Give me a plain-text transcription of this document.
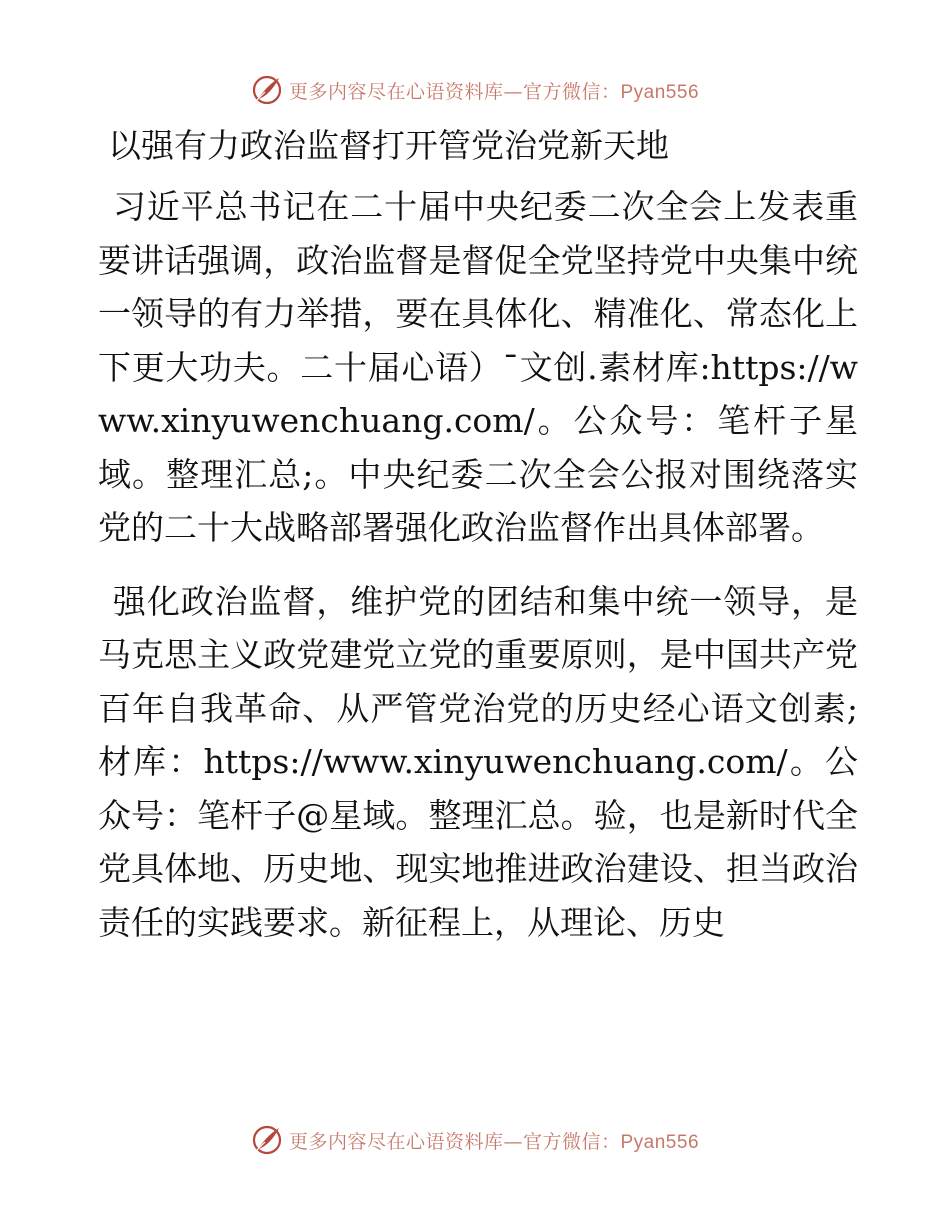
更多内容尽在心语资料库—官方微信：Pyan556
以强有力政治监督打开管党治党新天地

习近平总书记在二十届中央纪委二次全会上发表重要讲话强调，政治监督是督促全党坚持党中央集中统一领导的有力举措，要在具体化、精准化、常态化上下更大功夫。二十届心语）¯文创.素材库:https://www.xinyuwenchuang.com/。公众号：笔杆子星域。整理汇总;。中央纪委二次全会公报对围绕落实党的二十大战略部署强化政治监督作出具体部署。

强化政治监督，维护党的团结和集中统一领导，是马克思主义政党建党立党的重要原则，是中国共产党百年自我革命、从严管党治党的历史经心语文创素;材库：https://www.xinyuwenchuang.com/。公众号：笔杆子@星域。整理汇总。验，也是新时代全党具体地、历史地、现实地推进政治建设、担当政治责任的实践要求。新征程上，从理论、历史

更多内容尽在心语资料库—官方微信：Pyan556
